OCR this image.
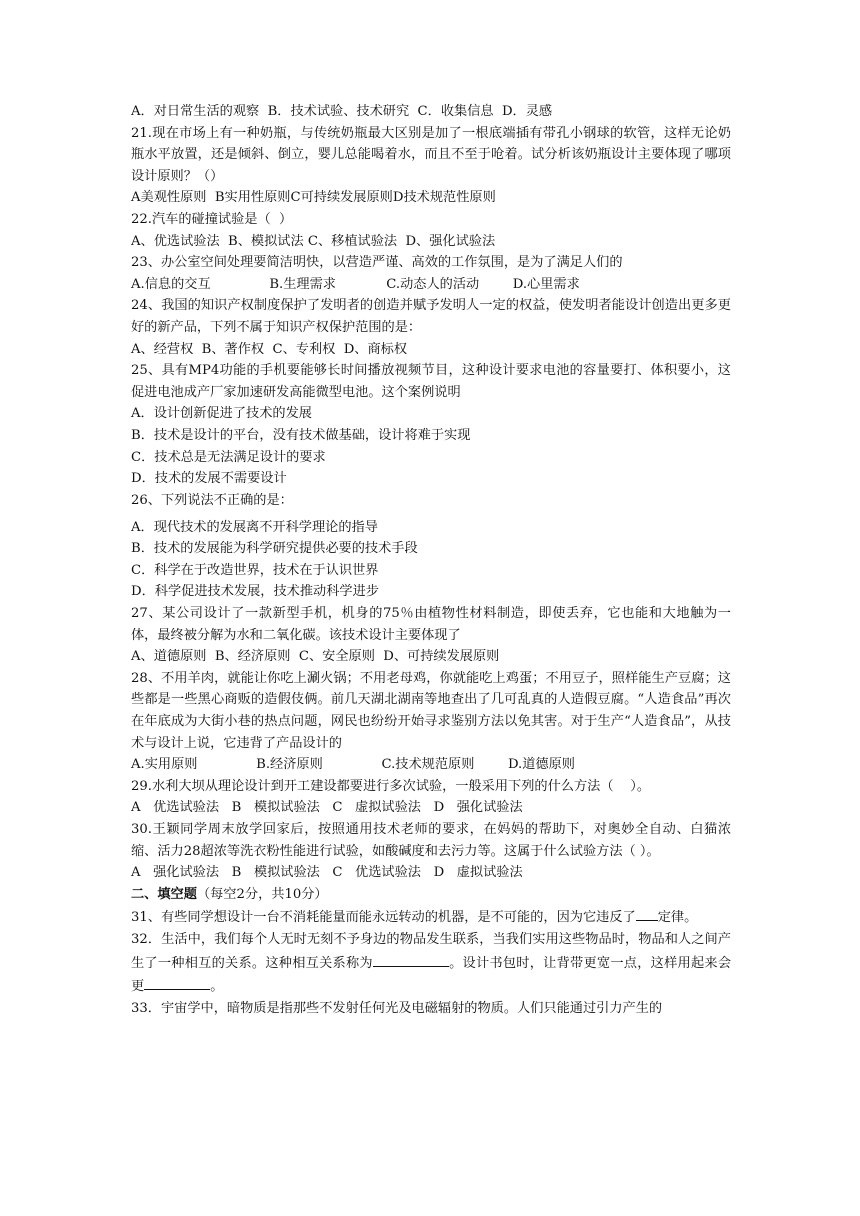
A．对日常生活的观察  B．技术试验、技术研究  C．收集信息  D．灵感
21.现在市场上有一种奶瓶，与传统奶瓶最大区别是加了一根底端插有带孔小钢球的软管，这样无论奶瓶水平放置，还是倾斜、倒立，婴儿总能喝着水，而且不至于呛着。试分析该奶瓶设计主要体现了哪项设计原则？（）
A美观性原则  B实用性原则C可持续发展原则D技术规范性原则
22.汽车的碰撞试验是（  ）
A、优选试验法  B、模拟试法 C、移植试验法  D、强化试验法
23、办公室空间处理要简洁明快，以营造严谨、高效的工作氛围，是为了满足人们的
A.信息的交互              B.生理需求            C.动态人的活动        D.心里需求
24、我国的知识产权制度保护了发明者的创造并赋予发明人一定的权益，使发明者能设计创造出更多更好的新产品，下列不属于知识产权保护范围的是：
A、经营权  B、著作权  C、专利权  D、商标权
25、具有MP4功能的手机要能够长时间播放视频节目，这种设计要求电池的容量要打、体积要小，这促进电池成产厂家加速研发高能微型电池。这个案例说明
A．设计创新促进了技术的发展
B．技术是设计的平台，没有技术做基础，设计将难于实现
C．技术总是无法满足设计的要求
D．技术的发展不需要设计
26、下列说法不正确的是：
A．现代技术的发展离不开科学理论的指导
B．技术的发展能为科学研究提供必要的技术手段
C．科学在于改造世界，技术在于认识世界
D．科学促进技术发展，技术推动科学进步
27、某公司设计了一款新型手机，机身的75％由植物性材料制造，即使丢弃，它也能和大地触为一体，最终被分解为水和二氧化碳。该技术设计主要体现了
A、道德原则  B、经济原则  C、安全原则  D、可持续发展原则
28、不用羊肉，就能让你吃上涮火锅；不用老母鸡，你就能吃上鸡蛋；不用豆子，照样能生产豆腐；这些都是一些黑心商贩的造假伎俩。前几天湖北湖南等地查出了几可乱真的人造假豆腐。“人造食品”再次在年底成为大街小巷的热点问题，网民也纷纷开始寻求鉴别方法以免其害。对于生产“人造食品”，从技术与设计上说，它违背了产品设计的
A.实用原则              B.经济原则              C.技术规范原则        D.道德原则
29.水利大坝从理论设计到开工建设都要进行多次试验，一般采用下列的什么方法（    ）。
A   优选试验法   B   模拟试验法   C   虚拟试验法   D   强化试验法
30.王颖同学周末放学回家后，按照通用技术老师的要求，在妈妈的帮助下，对奥妙全自动、白猫浓缩、活力28超浓等洗衣粉性能进行试验，如酸碱度和去污力等。这属于什么试验方法（ ）。
A   强化试验法   B   模拟试验法   C   优选试验法   D   虚拟试验法
二、填空题（每空2分，共10分）
31、有些同学想设计一台不消耗能量而能永远转动的机器，是不可能的，因为它违反了 定律。
32．生活中，我们每个人无时无刻不予身边的物品发生联系，当我们实用这些物品时，物品和人之间产生了一种相互的关系。这种相互关系称为	。设计书包时，让背带更宽一点，这样用起来会更	。
33．宇宙学中，暗物质是指那些不发射任何光及电磁辐射的物质。人们只能通过引力产生的
